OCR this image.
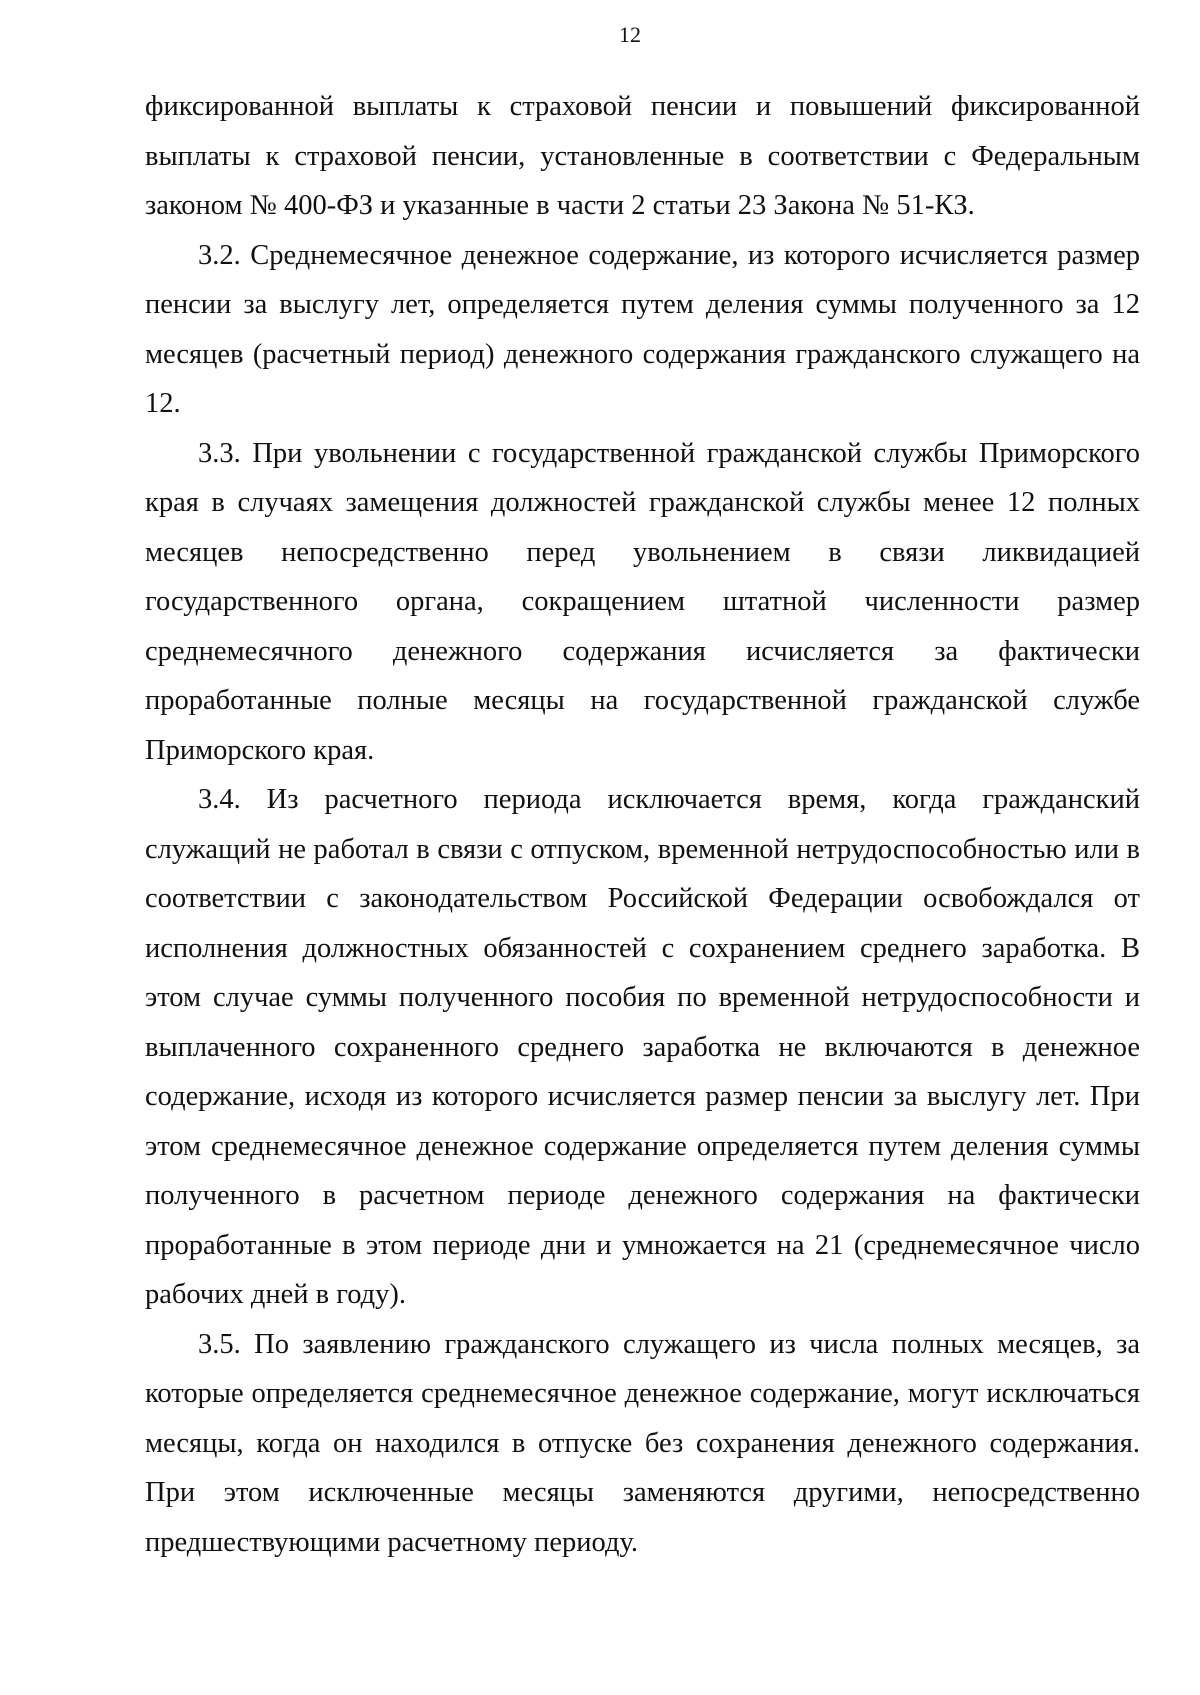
12

фиксированной выплаты к страховой пенсии и повышений фиксированной выплаты к страховой пенсии, установленные в соответствии с Федеральным законом № 400-ФЗ и указанные в части 2 статьи 23 Закона № 51-КЗ.

3.2. Среднемесячное денежное содержание, из которого исчисляется размер пенсии за выслугу лет, определяется путем деления суммы полученного за 12 месяцев (расчетный период) денежного содержания гражданского служащего на 12.

3.3. При увольнении с государственной гражданской службы Приморского края в случаях замещения должностей гражданской службы менее 12 полных месяцев непосредственно перед увольнением в связи ликвидацией государственного органа, сокращением штатной численности размер среднемесячного денежного содержания исчисляется за фактически проработанные полные месяцы на государственной гражданской службе Приморского края.

3.4. Из расчетного периода исключается время, когда гражданский служащий не работал в связи с отпуском, временной нетрудоспособностью или в соответствии с законодательством Российской Федерации освобождался от исполнения должностных обязанностей с сохранением среднего заработка. В этом случае суммы полученного пособия по временной нетрудоспособности и выплаченного сохраненного среднего заработка не включаются в денежное содержание, исходя из которого исчисляется размер пенсии за выслугу лет. При этом среднемесячное денежное содержание определяется путем деления суммы полученного в расчетном периоде денежного содержания на фактически проработанные в этом периоде дни и умножается на 21 (среднемесячное число рабочих дней в году).

3.5. По заявлению гражданского служащего из числа полных месяцев, за которые определяется среднемесячное денежное содержание, могут исключаться месяцы, когда он находился в отпуске без сохранения денежного содержания. При этом исключенные месяцы заменяются другими, непосредственно предшествующими расчетному периоду.
